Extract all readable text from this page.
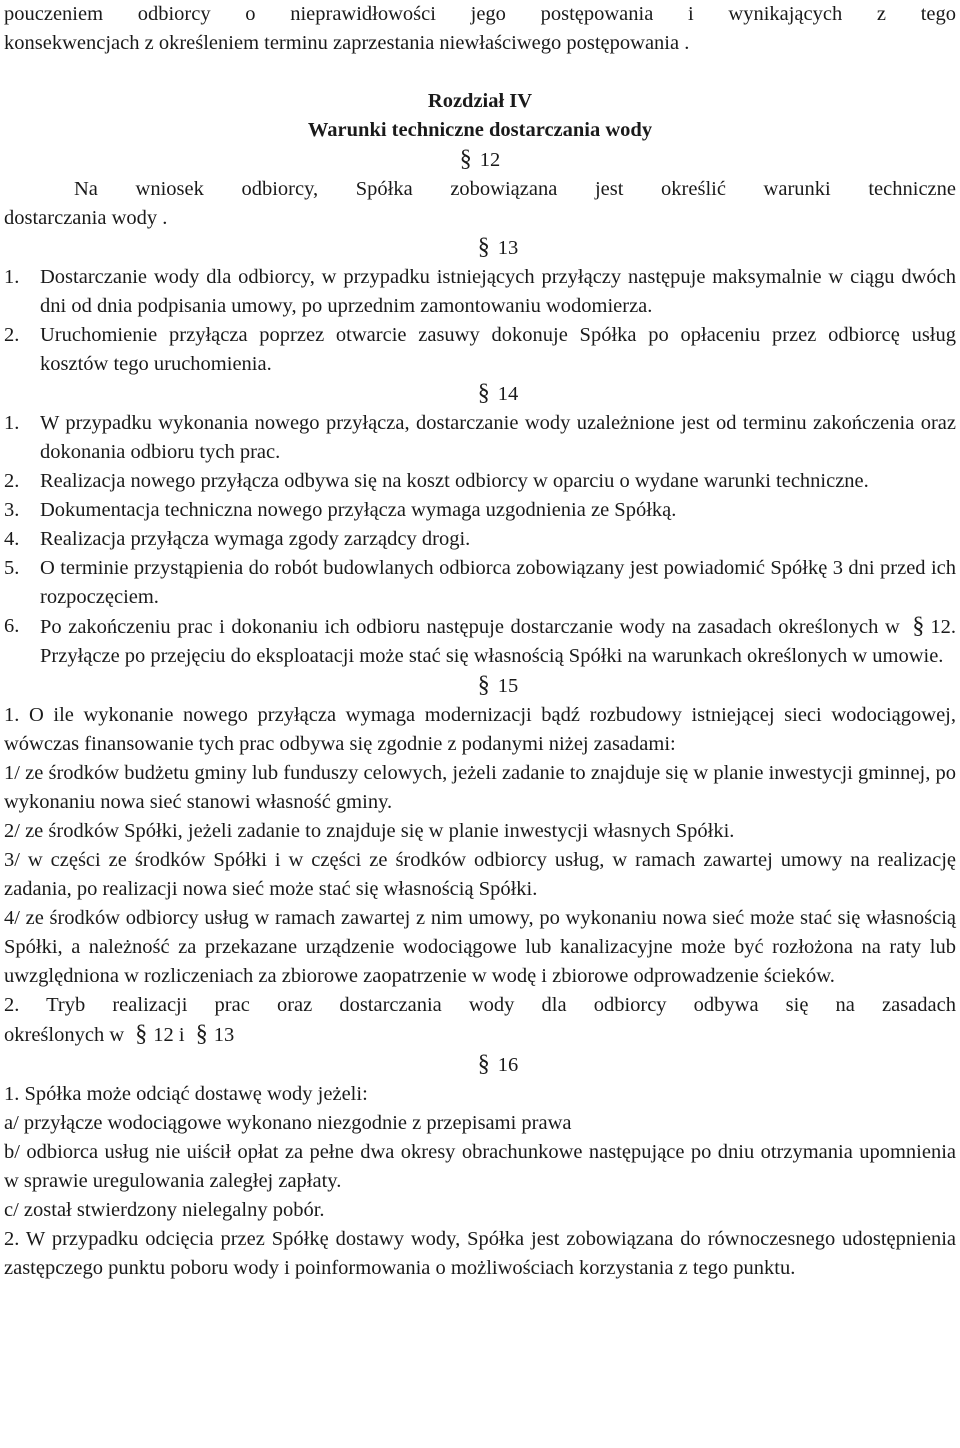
pouczeniem odbiorcy o nieprawidłowości jego postępowania i wynikających z tego

konsekwencjach z określeniem terminu zaprzestania niewłaściwego postępowania .

Rozdział IV

Warunki techniczne dostarczania wody

§ 12

Na wniosek odbiorcy, Spółka zobowiązana jest określić warunki techniczne

dostarczania wody .

§ 13

1.	Dostarczanie wody dla odbiorcy, w przypadku istniejących przyłączy następuje maksymalnie w ciągu dwóch dni od dnia podpisania umowy, po uprzednim zamontowaniu wodomierza.
2.	Uruchomienie przyłącza poprzez otwarcie zasuwy dokonuje Spółka po opłaceniu przez odbiorcę usług kosztów tego uruchomienia.

§ 14

1.	W przypadku wykonania nowego przyłącza, dostarczanie wody uzależnione jest od terminu zakończenia oraz dokonania odbioru tych prac.
2.	Realizacja nowego przyłącza odbywa się na koszt odbiorcy w oparciu o wydane warunki techniczne.
3.	Dokumentacja techniczna nowego przyłącza wymaga uzgodnienia ze Spółką.
4.	Realizacja przyłącza wymaga zgody zarządcy drogi.
5.	O terminie przystąpienia do robót budowlanych odbiorca zobowiązany jest powiadomić Spółkę 3 dni przed ich rozpoczęciem.
6.	Po zakończeniu prac i dokonaniu ich odbioru następuje dostarczanie wody na zasadach określonych w § 12. Przyłącze po przejęciu do eksploatacji może stać się własnością Spółki na warunkach określonych w umowie.

§ 15

1. O ile wykonanie nowego przyłącza wymaga modernizacji bądź rozbudowy istniejącej sieci wodociągowej, wówczas finansowanie tych prac odbywa się zgodnie z podanymi niżej zasadami:

1/ ze środków budżetu gminy lub funduszy celowych, jeżeli zadanie to znajduje się w planie inwestycji gminnej, po wykonaniu nowa sieć stanowi własność gminy.

2/ ze środków Spółki, jeżeli zadanie to znajduje się w planie inwestycji własnych Spółki.

3/ w części ze środków Spółki i w części ze środków odbiorcy usług, w ramach zawartej umowy na realizację zadania, po realizacji nowa sieć może stać się własnością Spółki.

4/ ze środków odbiorcy usług w ramach zawartej z nim umowy, po wykonaniu nowa sieć może stać się własnością Spółki, a należność za przekazane urządzenie wodociągowe lub kanalizacyjne może być rozłożona na raty lub uwzględniona w rozliczeniach za zbiorowe zaopatrzenie w wodę i zbiorowe odprowadzenie ścieków.

2. Tryb realizacji prac oraz dostarczania wody dla odbiorcy odbywa się na zasadach

określonych w § 12 i § 13

§ 16

1. Spółka może odciąć dostawę wody jeżeli:

a/ przyłącze wodociągowe wykonano niezgodnie z przepisami prawa

b/ odbiorca usług nie uiścił opłat za pełne dwa okresy obrachunkowe następujące po dniu otrzymania upomnienia w sprawie uregulowania zaległej zapłaty.

c/ został stwierdzony nielegalny pobór.

2. W przypadku odcięcia przez Spółkę dostawy wody, Spółka jest zobowiązana do równoczesnego udostępnienia zastępczego punktu poboru wody i poinformowania o możliwościach korzystania z tego punktu.
